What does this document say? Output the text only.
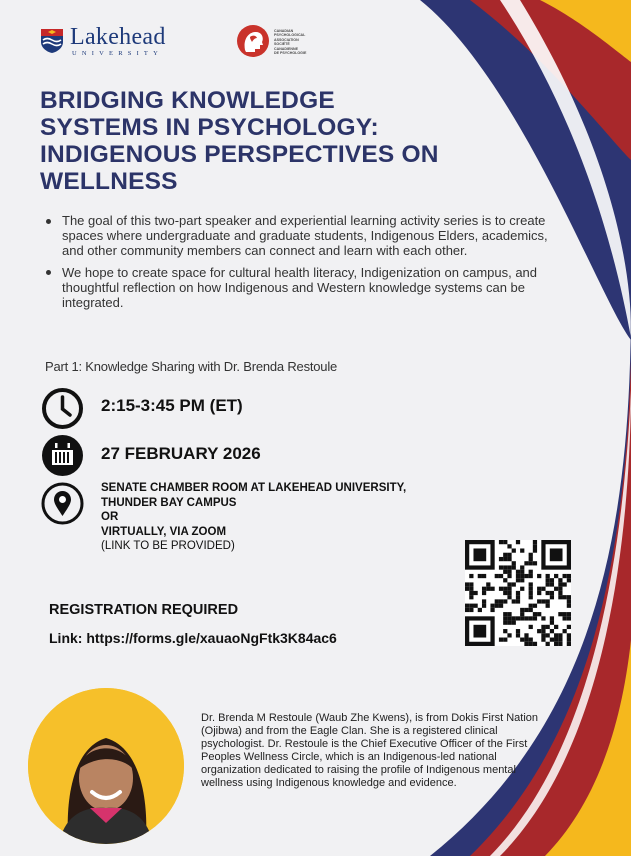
Lakehead
UNIVERSITY
CANADIAN
PSYCHOLOGICAL
ASSOCIATION
SOCIÉTÉ
CANADIENNE
DE PSYCHOLOGIE
BRIDGING KNOWLEDGE SYSTEMS IN PSYCHOLOGY: INDIGENOUS PERSPECTIVES ON WELLNESS
The goal of this two-part speaker and experiential learning activity series is to create spaces where undergraduate and graduate students, Indigenous Elders, academics, and other community members can connect and learn with each other.
We hope to create space for cultural health literacy, Indigenization on campus, and thoughtful reflection on how Indigenous and Western knowledge systems can be integrated.
Part 1: Knowledge Sharing with Dr. Brenda Restoule
2:15-3:45 PM (ET)
27 FEBRUARY 2026
SENATE CHAMBER ROOM AT LAKEHEAD UNIVERSITY,
THUNDER BAY CAMPUS
OR
VIRTUALLY, VIA ZOOM
(LINK TO BE PROVIDED)
REGISTRATION REQUIRED
Link: https://forms.gle/xauaoNgFtk3K84ac6

Dr. Brenda M Restoule (Waub Zhe Kwens), is from Dokis First Nation (Ojibwa) and from the Eagle Clan. She is a registered clinical psychologist. Dr. Restoule is the Chief Executive Officer of the First Peoples Wellness Circle, which is an Indigenous-led national organization dedicated to raising the profile of Indigenous mental wellness using Indigenous knowledge and evidence.
